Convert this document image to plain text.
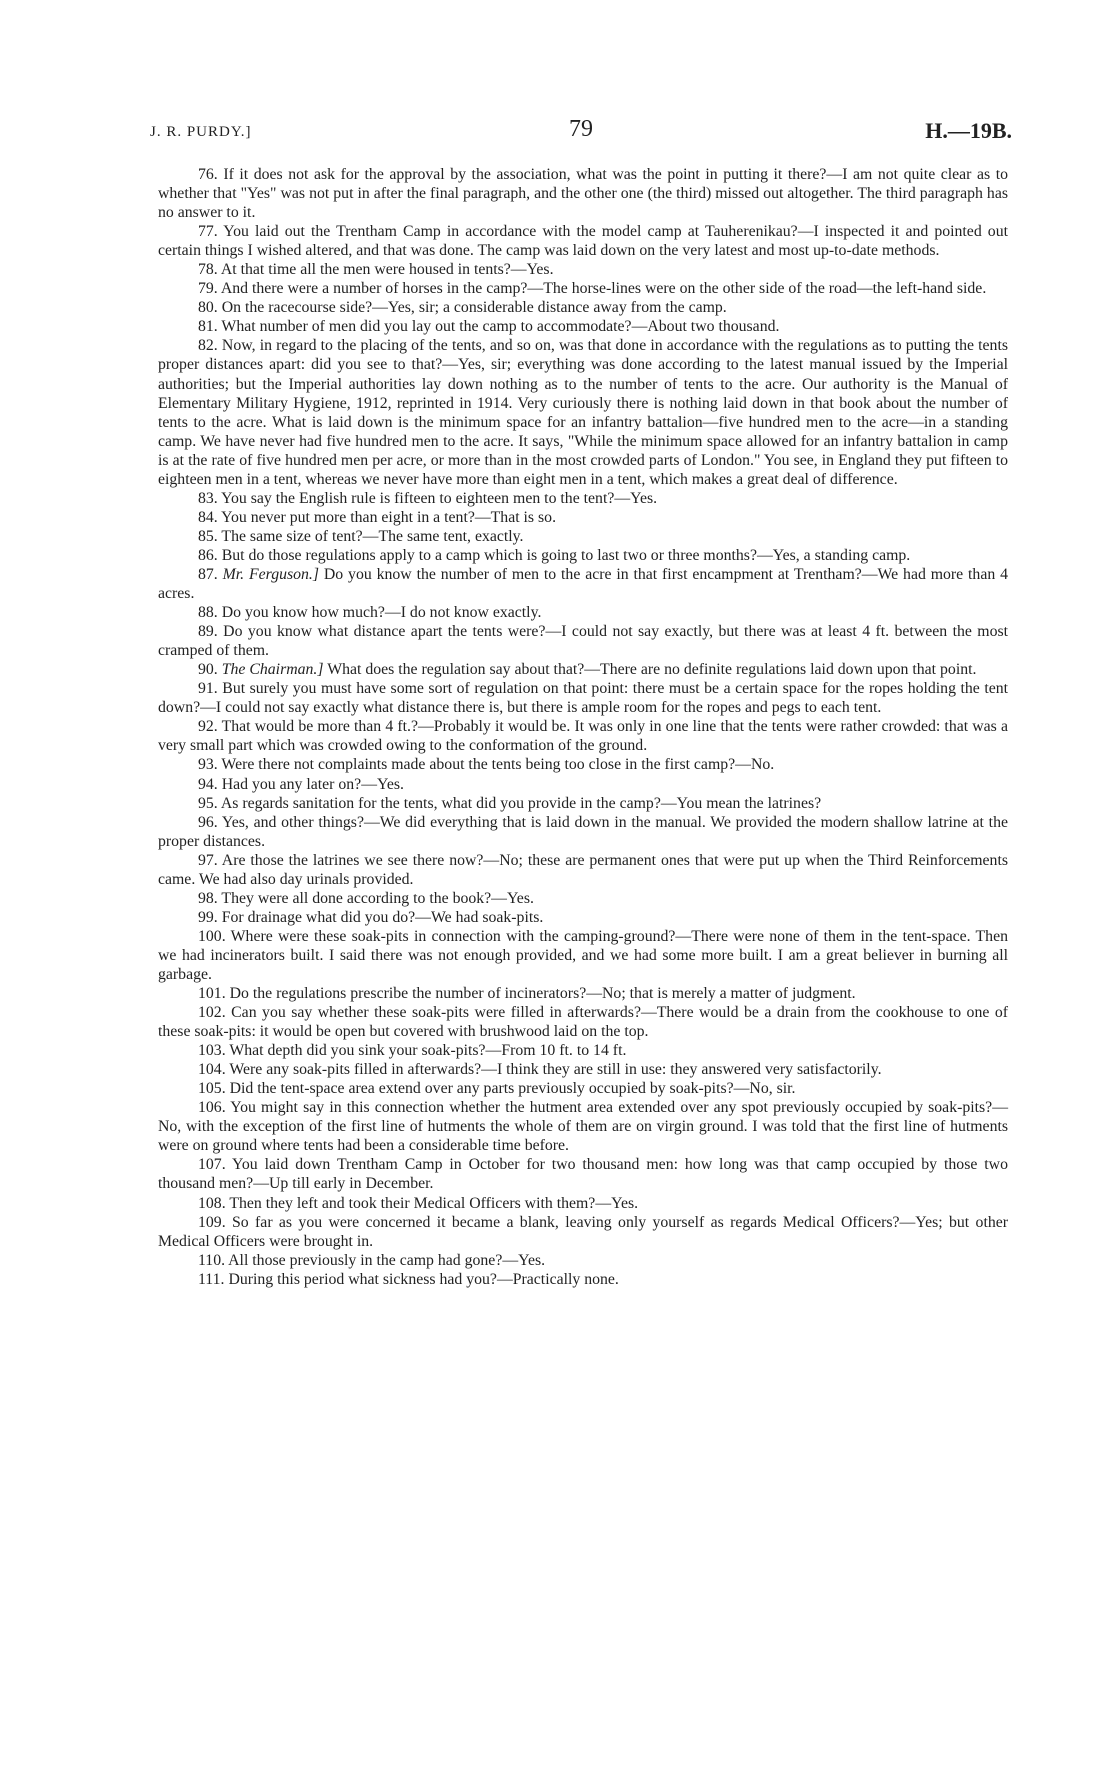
J. R. PURDY.]	79	H.—19B.

76. If it does not ask for the approval by the association, what was the point in putting it there?—I am not quite clear as to whether that "Yes" was not put in after the final paragraph, and the other one (the third) missed out altogether. The third paragraph has no answer to it.

77. You laid out the Trentham Camp in accordance with the model camp at Tauherenikau?—I inspected it and pointed out certain things I wished altered, and that was done. The camp was laid down on the very latest and most up-to-date methods.

78. At that time all the men were housed in tents?—Yes.

79. And there were a number of horses in the camp?—The horse-lines were on the other side of the road—the left-hand side.

80. On the racecourse side?—Yes, sir; a considerable distance away from the camp.

81. What number of men did you lay out the camp to accommodate?—About two thousand.

82. Now, in regard to the placing of the tents, and so on, was that done in accordance with the regulations as to putting the tents proper distances apart: did you see to that?—Yes, sir; everything was done according to the latest manual issued by the Imperial authorities; but the Imperial authorities lay down nothing as to the number of tents to the acre. Our authority is the Manual of Elementary Military Hygiene, 1912, reprinted in 1914. Very curiously there is nothing laid down in that book about the number of tents to the acre. What is laid down is the minimum space for an infantry battalion—five hundred men to the acre—in a standing camp. We have never had five hundred men to the acre. It says, "While the minimum space allowed for an infantry battalion in camp is at the rate of five hundred men per acre, or more than in the most crowded parts of London." You see, in England they put fifteen to eighteen men in a tent, whereas we never have more than eight men in a tent, which makes a great deal of difference.

83. You say the English rule is fifteen to eighteen men to the tent?—Yes.

84. You never put more than eight in a tent?—That is so.

85. The same size of tent?—The same tent, exactly.

86. But do those regulations apply to a camp which is going to last two or three months?—Yes, a standing camp.

87. Mr. Ferguson.] Do you know the number of men to the acre in that first encampment at Trentham?—We had more than 4 acres.

88. Do you know how much?—I do not know exactly.

89. Do you know what distance apart the tents were?—I could not say exactly, but there was at least 4 ft. between the most cramped of them.

90. The Chairman.] What does the regulation say about that?—There are no definite regulations laid down upon that point.

91. But surely you must have some sort of regulation on that point: there must be a certain space for the ropes holding the tent down?—I could not say exactly what distance there is, but there is ample room for the ropes and pegs to each tent.

92. That would be more than 4 ft.?—Probably it would be. It was only in one line that the tents were rather crowded: that was a very small part which was crowded owing to the conformation of the ground.

93. Were there not complaints made about the tents being too close in the first camp?—No.

94. Had you any later on?—Yes.

95. As regards sanitation for the tents, what did you provide in the camp?—You mean the latrines?

96. Yes, and other things?—We did everything that is laid down in the manual. We provided the modern shallow latrine at the proper distances.

97. Are those the latrines we see there now?—No; these are permanent ones that were put up when the Third Reinforcements came. We had also day urinals provided.

98. They were all done according to the book?—Yes.

99. For drainage what did you do?—We had soak-pits.

100. Where were these soak-pits in connection with the camping-ground?—There were none of them in the tent-space. Then we had incinerators built. I said there was not enough provided, and we had some more built. I am a great believer in burning all garbage.

101. Do the regulations prescribe the number of incinerators?—No; that is merely a matter of judgment.

102. Can you say whether these soak-pits were filled in afterwards?—There would be a drain from the cookhouse to one of these soak-pits: it would be open but covered with brushwood laid on the top.

103. What depth did you sink your soak-pits?—From 10 ft. to 14 ft.

104. Were any soak-pits filled in afterwards?—I think they are still in use: they answered very satisfactorily.

105. Did the tent-space area extend over any parts previously occupied by soak-pits?—No, sir.

106. You might say in this connection whether the hutment area extended over any spot previously occupied by soak-pits?—No, with the exception of the first line of hutments the whole of them are on virgin ground. I was told that the first line of hutments were on ground where tents had been a considerable time before.

107. You laid down Trentham Camp in October for two thousand men: how long was that camp occupied by those two thousand men?—Up till early in December.

108. Then they left and took their Medical Officers with them?—Yes.

109. So far as you were concerned it became a blank, leaving only yourself as regards Medical Officers?—Yes; but other Medical Officers were brought in.

110. All those previously in the camp had gone?—Yes.

111. During this period what sickness had you?—Practically none.
